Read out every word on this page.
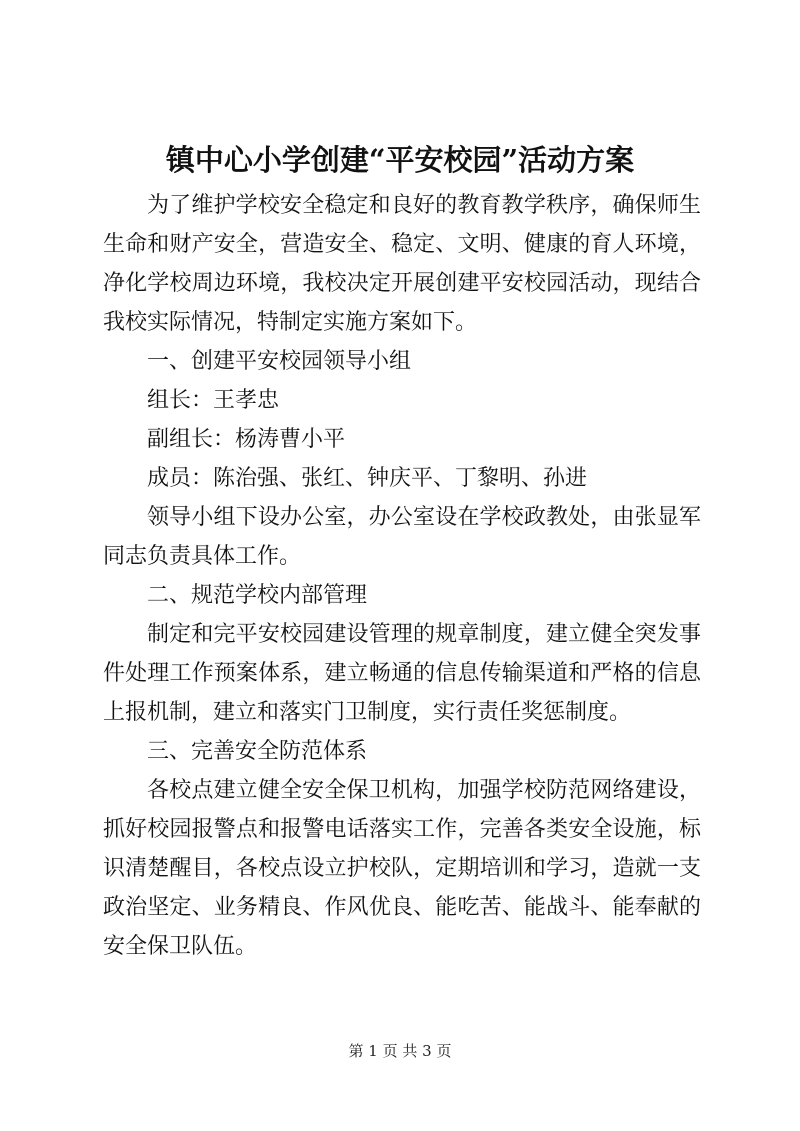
镇中心小学创建“平安校园”活动方案

为了维护学校安全稳定和良好的教育教学秩序，确保师生生命和财产安全，营造安全、稳定、文明、健康的育人环境，净化学校周边环境，我校决定开展创建平安校园活动，现结合我校实际情况，特制定实施方案如下。

一、创建平安校园领导小组

组长：王孝忠

副组长：杨涛曹小平

成员：陈治强、张红、钟庆平、丁黎明、孙进

领导小组下设办公室，办公室设在学校政教处，由张显军同志负责具体工作。

二、规范学校内部管理

制定和完平安校园建设管理的规章制度，建立健全突发事件处理工作预案体系，建立畅通的信息传输渠道和严格的信息上报机制，建立和落实门卫制度，实行责任奖惩制度。

三、完善安全防范体系

各校点建立健全安全保卫机构，加强学校防范网络建设，抓好校园报警点和报警电话落实工作，完善各类安全设施，标识清楚醒目，各校点设立护校队，定期培训和学习，造就一支政治坚定、业务精良、作风优良、能吃苦、能战斗、能奉献的安全保卫队伍。

第 1 页 共 3 页
